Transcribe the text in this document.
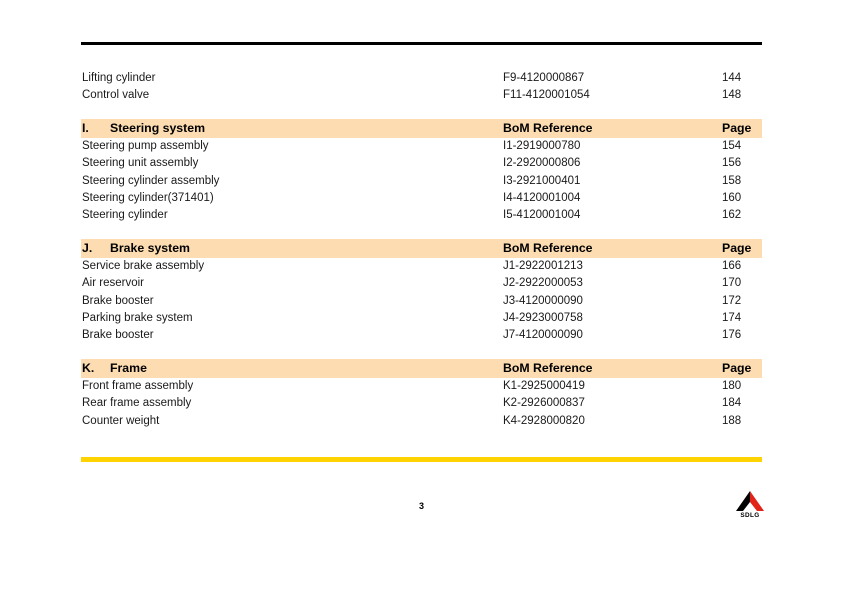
Lifting cylinder	F9-4120000867	144
Control valve	F11-4120001054	148

I. Steering system	BoM Reference	Page
Steering pump assembly	I1-2919000780	154
Steering unit assembly	I2-2920000806	156
Steering cylinder assembly	I3-2921000401	158
Steering cylinder(371401)	I4-4120001004	160
Steering cylinder	I5-4120001004	162

J. Brake system	BoM Reference	Page
Service brake assembly	J1-2922001213	166
Air reservoir	J2-2922000053	170
Brake booster	J3-4120000090	172
Parking brake system	J4-2923000758	174
Brake booster	J7-4120000090	176

K. Frame	BoM Reference	Page
Front frame assembly	K1-2925000419	180
Rear frame assembly	K2-2926000837	184
Counter weight	K4-2928000820	188
3
SDLG
